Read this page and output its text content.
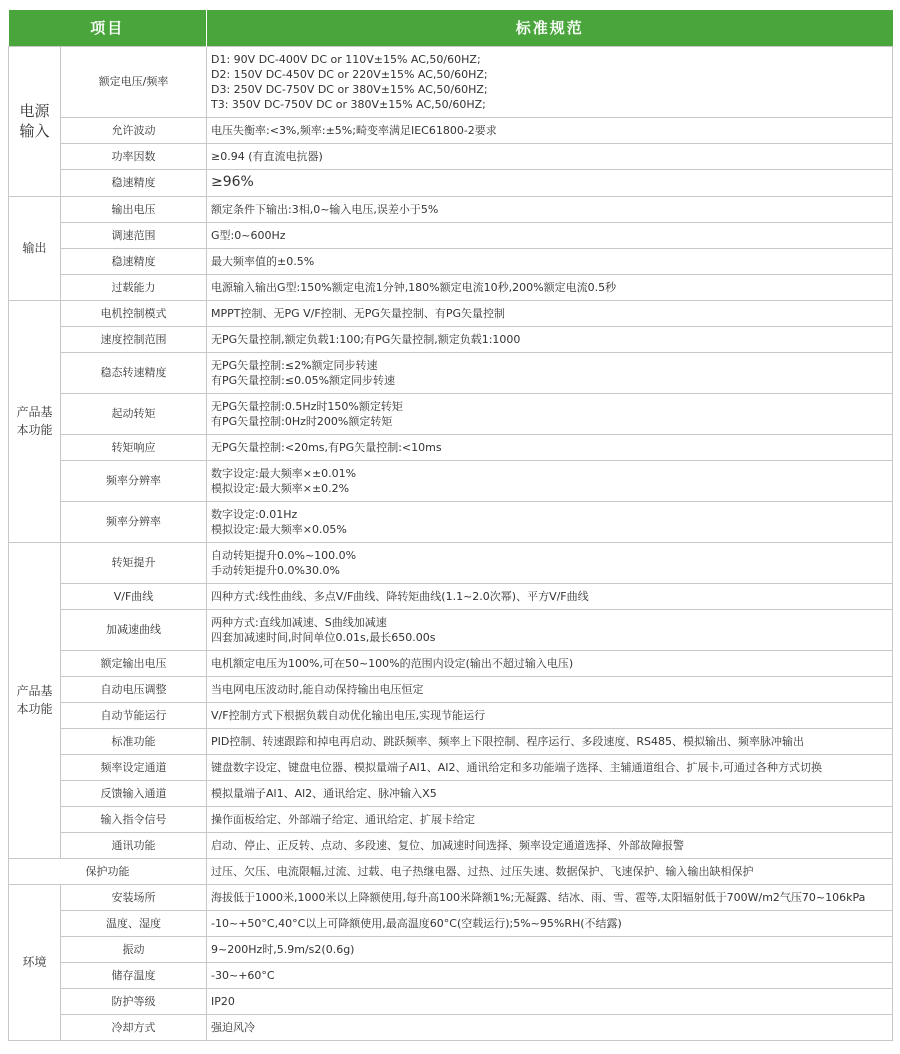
项目		标准规范

电源
输入	额定电压/频率	D1: 90V DC-400V DC or 110V±15% AC,50/60HZ;
D2: 150V DC-450V DC or 220V±15% AC,50/60HZ;
D3: 250V DC-750V DC or 380V±15% AC,50/60HZ;
T3: 350V DC-750V DC or 380V±15% AC,50/60HZ;

	允许波动	电压失衡率:<3%,频率:±5%;畸变率满足IEC61800-2要求
	功率因数	≥0.94 (有直流电抗器)
	稳速精度	≥96%
输出	输出电压	额定条件下输出:3相,0~输入电压,误差小于5%
	调速范围	G型:0~600Hz
	稳速精度	最大频率值的±0.5%
	过载能力	电源输入输出G型:150%额定电流1分钟,180%额定电流10秒,200%额定电流0.5秒

产品基
本功能	电机控制模式	MPPT控制、无PG V/F控制、无PG矢量控制、有PG矢量控制
	速度控制范围	无PG矢量控制,额定负载1:100;有PG矢量控制,额定负载1:1000
	稳态转速精度	无PG矢量控制:≤2%额定同步转速
有PG矢量控制:≤0.05%额定同步转速

	起动转矩	无PG矢量控制:0.5Hz时150%额定转矩
有PG矢量控制:0Hz时200%额定转矩

	转矩响应	无PG矢量控制:<20ms,有PG矢量控制:<10ms
	频率分辨率	数字设定:最大频率×±0.01%
模拟设定:最大频率×±0.2%

	频率分辨率	数字设定:0.01Hz
模拟设定:最大频率×0.05%

产品基
本功能	转矩提升	自动转矩提升0.0%~100.0%
手动转矩提升0.0%30.0%

	V/F曲线	四种方式:线性曲线、多点V/F曲线、降转矩曲线(1.1~2.0次幂)、平方V/F曲线
	加减速曲线	两种方式:直线加减速、S曲线加减速
四套加减速时间,时间单位0.01s,最长650.00s

	额定输出电压	电机额定电压为100%,可在50~100%的范围内设定(输出不超过输入电压)
	自动电压调整	当电网电压波动时,能自动保持输出电压恒定
	自动节能运行	V/F控制方式下根据负载自动优化输出电压,实现节能运行
	标准功能	PID控制、转速跟踪和掉电再启动、跳跃频率、频率上下限控制、程序运行、多段速度、RS485、模拟输出、频率脉冲输出
	频率设定通道	键盘数字设定、键盘电位器、模拟量端子AI1、AI2、通讯给定和多功能端子选择、主辅通道组合、扩展卡,可通过各种方式切换
	反馈输入通道	模拟量端子Al1、Al2、通讯给定、脉冲输入X5
	输入指令信号	操作面板给定、外部端子给定、通讯给定、扩展卡给定
	通讯功能	启动、停止、正反转、点动、多段速、复位、加减速时间选择、频率设定通道选择、外部故障报警
保护功能		过压、欠压、电流限幅,过流、过载、电子热继电器、过热、过压失速、数据保护、飞速保护、输入输出缺相保护
环境	安装场所	海拔低于1000米,1000米以上降额使用,每升高100米降额1%;无凝露、结冰、雨、雪、雹等,太阳辐射低于700W/m2气压70~106kPa
	温度、湿度	-10~+50°C,40°C以上可降额使用,最高温度60°C(空载运行);5%~95%RH(不结露)
	振动	9~200Hz时,5.9m/s2(0.6g)
	储存温度	-30~+60°C
	防护等级	IP20
	冷却方式	强迫风冷
